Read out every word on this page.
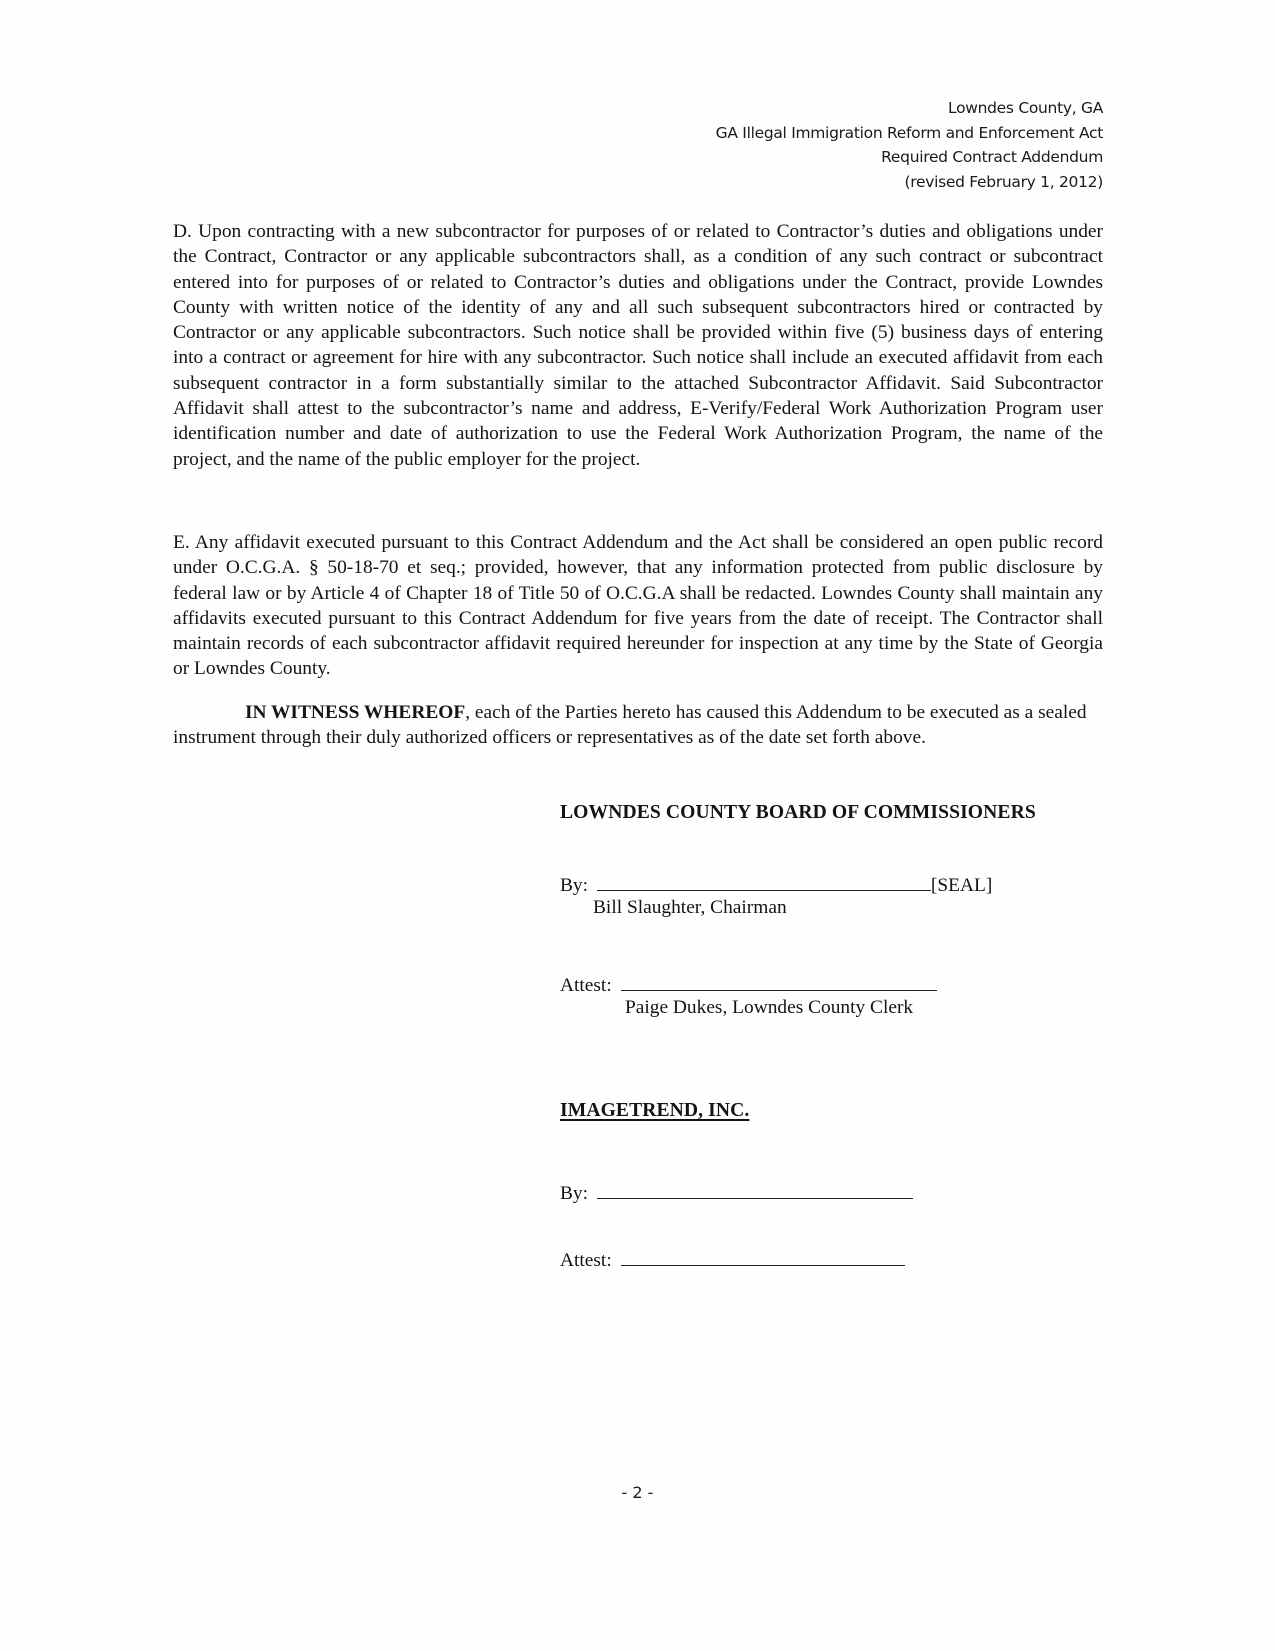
Lowndes County, GA
GA Illegal Immigration Reform and Enforcement Act
Required Contract Addendum
(revised February 1, 2012)
D. Upon contracting with a new subcontractor for purposes of or related to Contractor’s duties and obligations under the Contract, Contractor or any applicable subcontractors shall, as a condition of any such contract or subcontract entered into for purposes of or related to Contractor’s duties and obligations under the Contract, provide Lowndes County with written notice of the identity of any and all such subsequent subcontractors hired or contracted by Contractor or any applicable subcontractors. Such notice shall be provided within five (5) business days of entering into a contract or agreement for hire with any subcontractor. Such notice shall include an executed affidavit from each subsequent contractor in a form substantially similar to the attached Subcontractor Affidavit. Said Subcontractor Affidavit shall attest to the subcontractor’s name and address, E-Verify/Federal Work Authorization Program user identification number and date of authorization to use the Federal Work Authorization Program, the name of the project, and the name of the public employer for the project.
E. Any affidavit executed pursuant to this Contract Addendum and the Act shall be considered an open public record under O.C.G.A. § 50-18-70 et seq.; provided, however, that any information protected from public disclosure by federal law or by Article 4 of Chapter 18 of Title 50 of O.C.G.A shall be redacted. Lowndes County shall maintain any affidavits executed pursuant to this Contract Addendum for five years from the date of receipt. The Contractor shall maintain records of each subcontractor affidavit required hereunder for inspection at any time by the State of Georgia or Lowndes County.
IN WITNESS WHEREOF, each of the Parties hereto has caused this Addendum to be executed as a sealed instrument through their duly authorized officers or representatives as of the date set forth above.
LOWNDES COUNTY BOARD OF COMMISSIONERS
By:	[SEAL]
Bill Slaughter, Chairman
Attest:
Paige Dukes, Lowndes County Clerk
IMAGETREND, INC.
By:
Attest:
- 2 -
